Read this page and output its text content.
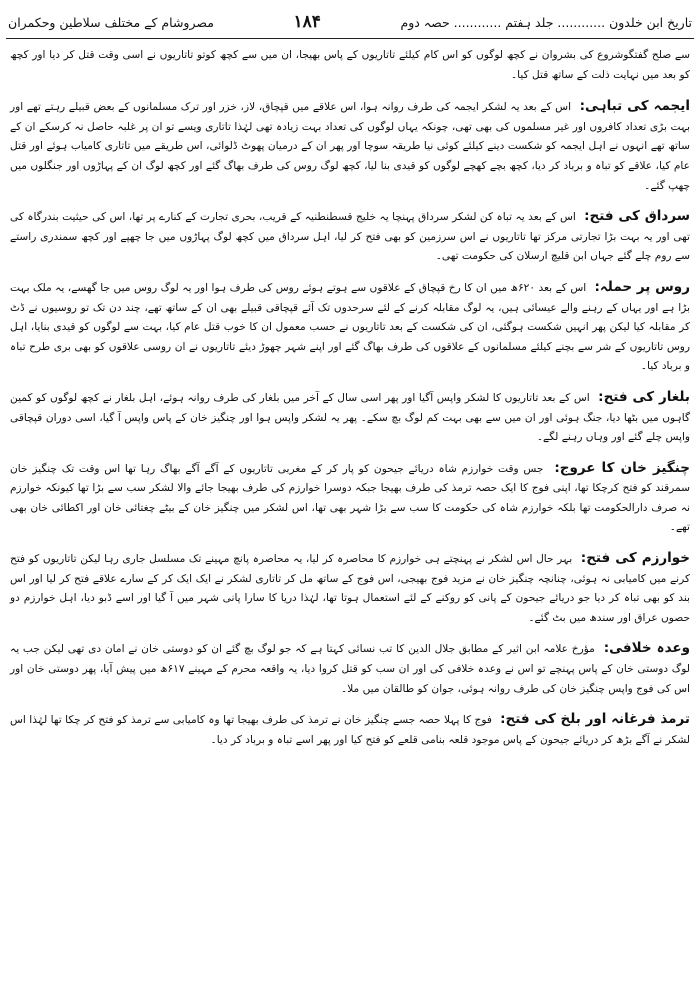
تاریخ ابن خلدون ............ جلد ہفتم ............ حصہ دوم
۱۸۴
مصروشام کے مختلف سلاطین وحکمران

سے صلح گفتگوشروع کی بشروان نے کچھ لوگوں کو اس کام کیلئے تاتاریوں کے پاس بھیجا، ان میں سے کچھ کوتو تاتاریوں نے اسی وقت قتل کر دیا اور کچھ کو بعد میں نہایت ذلت کے ساتھ قتل کیا۔

ایجمہ کی تباہی:  اس کے بعد یہ لشکر ایجمہ کی طرف روانہ ہوا، اس علاقے میں قپچاق، لاز، خزر اور ترک مسلمانوں کے بعض قبیلے رہتے تھے اور بہت بڑی تعداد کافروں اور غیر مسلموں کی بھی تھی، چونکہ یہاں لوگوں کی تعداد بہت زیادہ تھی لہٰذا تاتاری ویسے تو ان پر غلبہ حاصل نہ کرسکے ان کے ساتھ تھے انہوں نے اہل ایجمہ کو شکست دینے کیلئے کوئی نیا طریقہ سوچا اور پھر ان کے درمیان پھوٹ ڈلوائی، اس طریقے میں تاتاری کامیاب ہوئے اور قتل عام کیا، علاقے کو تباہ و برباد کر دیا، کچھ بچے کھچے لوگوں کو قیدی بنا لیا، کچھ لوگ روس کی طرف بھاگ گئے اور کچھ لوگ ان کے پہاڑوں اور جنگلوں میں چھپ گئے۔

سرداق کی فتح:  اس کے بعد یہ تباہ کن لشکر سرداق پہنچا یہ خلیج قسطنطنیہ کے قریب، بحری تجارت کے کنارے پر تھا، اس کی حیثیت بندرگاہ کی تھی اور یہ بہت بڑا تجارتی مرکز تھا تاتاریوں نے اس سرزمین کو بھی فتح کر لیا، اہل سرداق میں کچھ لوگ پہاڑوں میں جا چھپے اور کچھ سمندری راستے سے روم چلے گئے جہاں ابن قلیچ ارسلان کی حکومت تھی۔

روس پر حملہ:  اس کے بعد ۶۲۰ھ میں ان کا رخ قپچاق کے علاقوں سے ہوتے ہوئے روس کی طرف ہوا اور یہ لوگ روس میں جا گھسے، یہ ملک بہت بڑا ہے اور یہاں کے رہنے والے عیسائی ہیں، یہ لوگ مقابلہ کرنے کے لئے سرحدوں تک آئے قپچاقی قبیلے بھی ان کے ساتھ تھے، چند دن تک تو روسیوں نے ڈٹ کر مقابلہ کیا لیکن پھر انہیں شکست ہوگئی، ان کی شکست کے بعد تاتاریوں نے حسب معمول ان کا خوب قتل عام کیا، بہت سے لوگوں کو قیدی بنایا، اہل روس تاتاریوں کے شر سے بچنے کیلئے مسلمانوں کے علاقوں کی طرف بھاگ گئے اور اپنے شہر چھوڑ دیئے تاتاریوں نے ان روسی علاقوں کو بھی بری طرح تباہ و برباد کیا۔

بلغار کی فتح:  اس کے بعد تاتاریوں کا لشکر واپس آگیا اور پھر اسی سال کے آخر میں بلغار کی طرف روانہ ہوئے، اہل بلغار نے کچھ لوگوں کو کمین گاہوں میں بٹھا دیا، جنگ ہوئی اور ان میں سے بھی بہت کم لوگ بچ سکے۔ پھر یہ لشکر واپس ہوا اور چنگیز خان کے پاس واپس آ گیا، اسی دوران قپچاقی واپس چلے گئے اور وہاں رہنے لگے۔

چنگیز خان کا عروج:  جس وقت خوارزم شاہ دریائے جیحون کو پار کر کے مغربی تاتاریوں کے آگے آگے بھاگ رہا تھا اس وقت تک چنگیز خان سمرقند کو فتح کرچکا تھا، اپنی فوج کا ایک حصہ ترمذ کی طرف بھیجا جبکہ دوسرا خوارزم کی طرف بھیجا جائے والا لشکر سب سے بڑا تھا کیونکہ خوارزم نہ صرف دارالحکومت تھا بلکہ خوارزم شاہ کی حکومت کا سب سے بڑا شہر بھی تھا، اس لشکر میں چنگیز خان کے بیٹے چغتائی خان اور اکطائی خان بھی تھے۔

خوارزم کی فتح:  بہر حال اس لشکر نے پہنچتے ہی خوارزم کا محاصرہ کر لیا، یہ محاصرہ پانچ مہینے تک مسلسل جاری رہا لیکن تاتاریوں کو فتح کرنے میں کامیابی نہ ہوئی، چنانچہ چنگیز خان نے مزید فوج بھیجی، اس فوج کے ساتھ مل کر تاتاری لشکر نے ایک ایک کر کے سارے علاقے فتح کر لیا اور اس بند کو بھی تباہ کر دیا جو دریائے جیحون کے پانی کو روکنے کے لئے استعمال ہوتا تھا، لہٰذا دریا کا سارا پانی شہر میں آ گیا اور اسے ڈبو دیا، اہل خوارزم دو حصوں عراق اور سندھ میں بٹ گئے۔

وعدہ خلافی:  مؤرخ علامہ ابن اثیر کے مطابق جلال الدین کا تب نسائی کہتا ہے کہ جو لوگ بچ گئے ان کو دوستی خان نے امان دی تھی لیکن جب یہ لوگ دوستی خان کے پاس پہنچے تو اس نے وعدہ خلافی کی اور ان سب کو قتل کروا دیا، یہ واقعہ محرم کے مہینے ۶۱۷ھ میں پیش آیا، پھر دوستی خان اور اس کی فوج واپس چنگیز خان کی طرف روانہ ہوئی، جوان کو طالقان میں ملا۔

ترمذ فرغانہ اور بلخ کی فتح:  فوج کا پہلا حصہ جسے چنگیز خان نے ترمذ کی طرف بھیجا تھا وہ کامیابی سے ترمذ کو فتح کر چکا تھا لہٰذا اس لشکر نے آگے بڑھ کر دریائے جیحون کے پاس موجود قلعہ بنامی قلعے کو فتح کیا اور پھر اسے تباہ و برباد کر دیا۔
